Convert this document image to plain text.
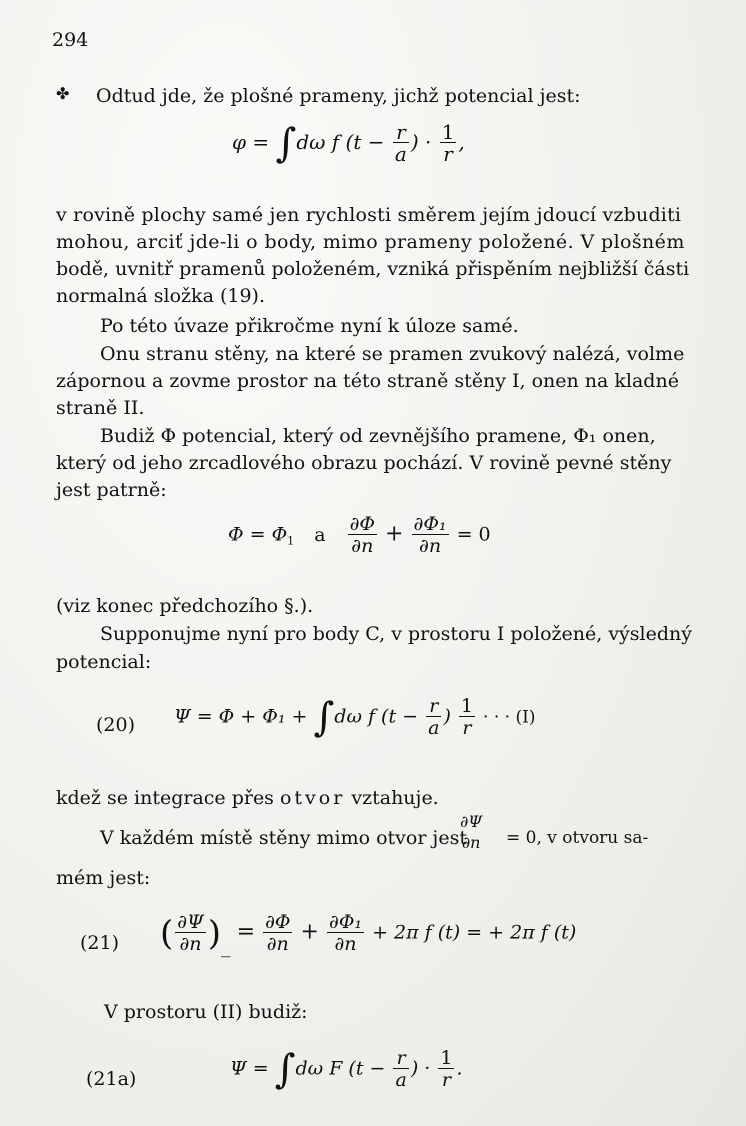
294
✤ Odtud jde, že plošné prameny, jichž potencial jest:
φ = ∫dω f ($t - \frac{r}{a}$ ) · $\frac{1}{r}$ ,
v rovině plochy samé jen rychlosti směrem jejím jdoucí vzbuditi
mohou, arciť jde-li o body, mimo prameny položené. V plošném
bodě, uvnitř pramenů položeném, vzniká přispěním nejbližší části
normalná složka (19).
Po této úvaze přikročme nyní k úloze samé.
Onu stranu stěny, na které se pramen zvukový nalézá, volme
zápornou a zovme prostor na této straně stěny I, onen na kladné
straně II.
Budiž Φ potencial, který od zevnějšího pramene, Φ₁ onen,
který od jeho zrcadlového obrazu pochází. V rovině pevné stěny
jest patrně:
$\Phi = \Phi_1$ a $\frac{\partial\Phi}{\partial n} + \frac{\text{∂Φ₁}}{\partial n} = 0$
(viz konec předchozího §.).
Supponujme nyní pro body C, v prostoru I položené, výsledný
potencial:
(20) Ψ = Φ + Φ₁ + ∫dω f ($t - \frac{r}{a}$ ) $\frac{1}{r}$ · · · (I)
kdež se integrace přes otvor vztahuje.
V každém místě stěny mimo otvor jest
∂Ψ
∂n = 0, v otvoru sa-
mém jest:
(21) ( $\frac{\partial\Psi}{\partial n}$ )_ = $\frac{\partial\Phi}{\partial n} + \frac{\text{∂Φ₁}}{\partial n} + 2\pi$ f (t) = + 2π f (t)
V prostoru (II) budiž:
(21a)	Ψ = ∫dω F ($t - \frac{r}{a}$ ) · $\frac{1}{r}$ .
